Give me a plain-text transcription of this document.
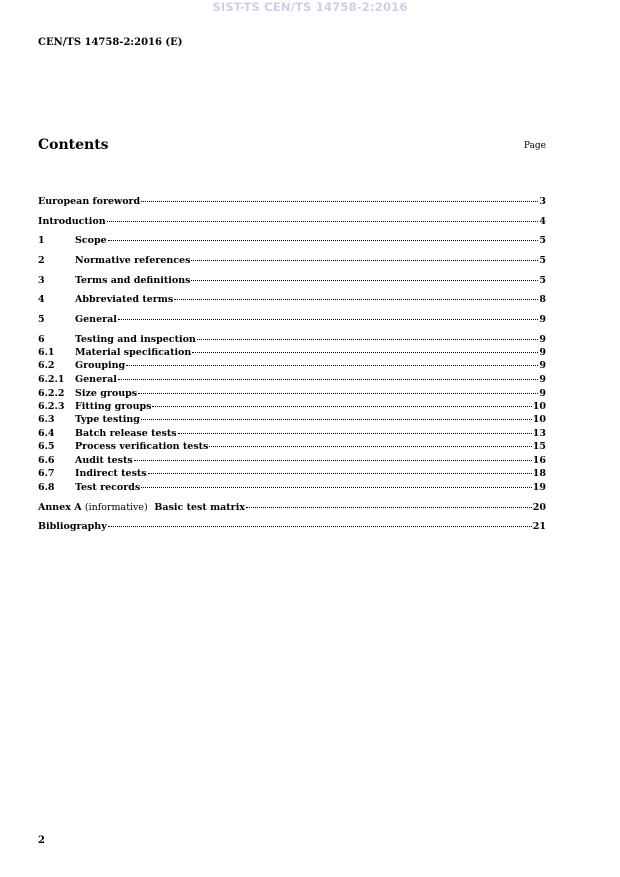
SIST-TS CEN/TS 14758-2:2016
CEN/TS 14758-2:2016 (E)
Contents	Page
European foreword	3
Introduction	4
1	Scope	5
2	Normative references	5
3	Terms and definitions	5
4	Abbreviated terms	8
5	General	9
6	Testing and inspection	9
6.1	Material specification	9
6.2	Grouping	9
6.2.1	General	9
6.2.2	Size groups	9
6.2.3	Fitting groups	10
6.3	Type testing	10
6.4	Batch release tests	13
6.5	Process verification tests	15
6.6	Audit tests	16
6.7	Indirect tests	18
6.8	Test records	19
Annex A (informative)  Basic test matrix	20
Bibliography	21
2
